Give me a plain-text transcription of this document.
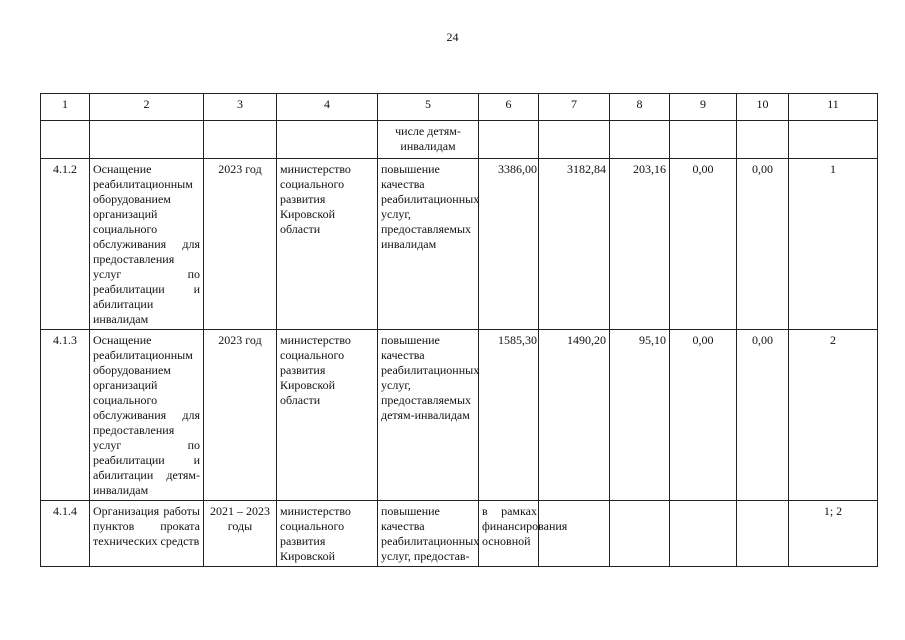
24
1	2	3	4	5	6	7	8	9	10	11
				числе детям-инвалидам						
4.1.2	Оснащение реабилитационным оборудованием организаций социального обслуживания для предоставления услуг по реабилитации и абилитации инвалидам	2023 год	министерство социального развития Кировской области	повышение качества реабилитационных услуг, предоставляемых инвалидам	3386,00	3182,84	203,16	0,00	0,00	1
4.1.3	Оснащение реабилитационным оборудованием организаций социального обслуживания для предоставления услуг по реабилитации и абилитации детям-инвалидам	2023 год	министерство социального развития Кировской области	повышение качества реабилитационных услуг, предоставляемых детям-инвалидам	1585,30	1490,20	95,10	0,00	0,00	2
4.1.4	Организация работы пунктов проката технических средств	2021 – 2023 годы	министерство социального развития Кировской	повышение качества реабилитационных услуг, предостав-	в рамках финансирования основной					1; 2
